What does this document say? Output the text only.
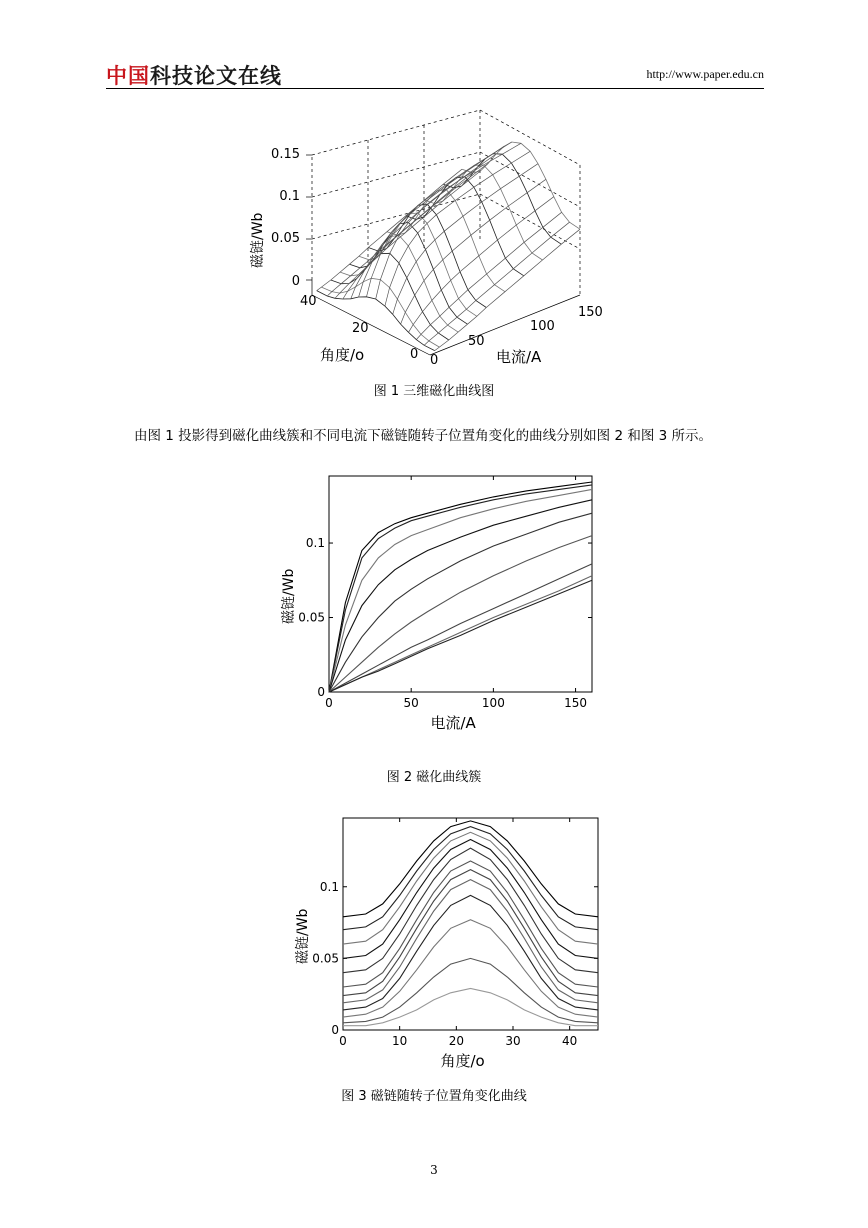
中国科技论文在线	http://www.paper.edu.cn
0.15
0.1
0.05
0
0
50
100
150
40
20
0	电流/A
角度/o
磁链/Wb
图 1 三维磁化曲线图
由图 1 投影得到磁化曲线簇和不同电流下磁链随转子位置角变化的曲线分别如图 2 和图 3 所示。
0	50	100	150
0
0.05
0.1
电流/A
磁链/Wb
图 2 磁化曲线簇
0	10	20	30	40
0
0.05
0.1
角度/o
磁链/Wb
图 3 磁链随转子位置角变化曲线
3
